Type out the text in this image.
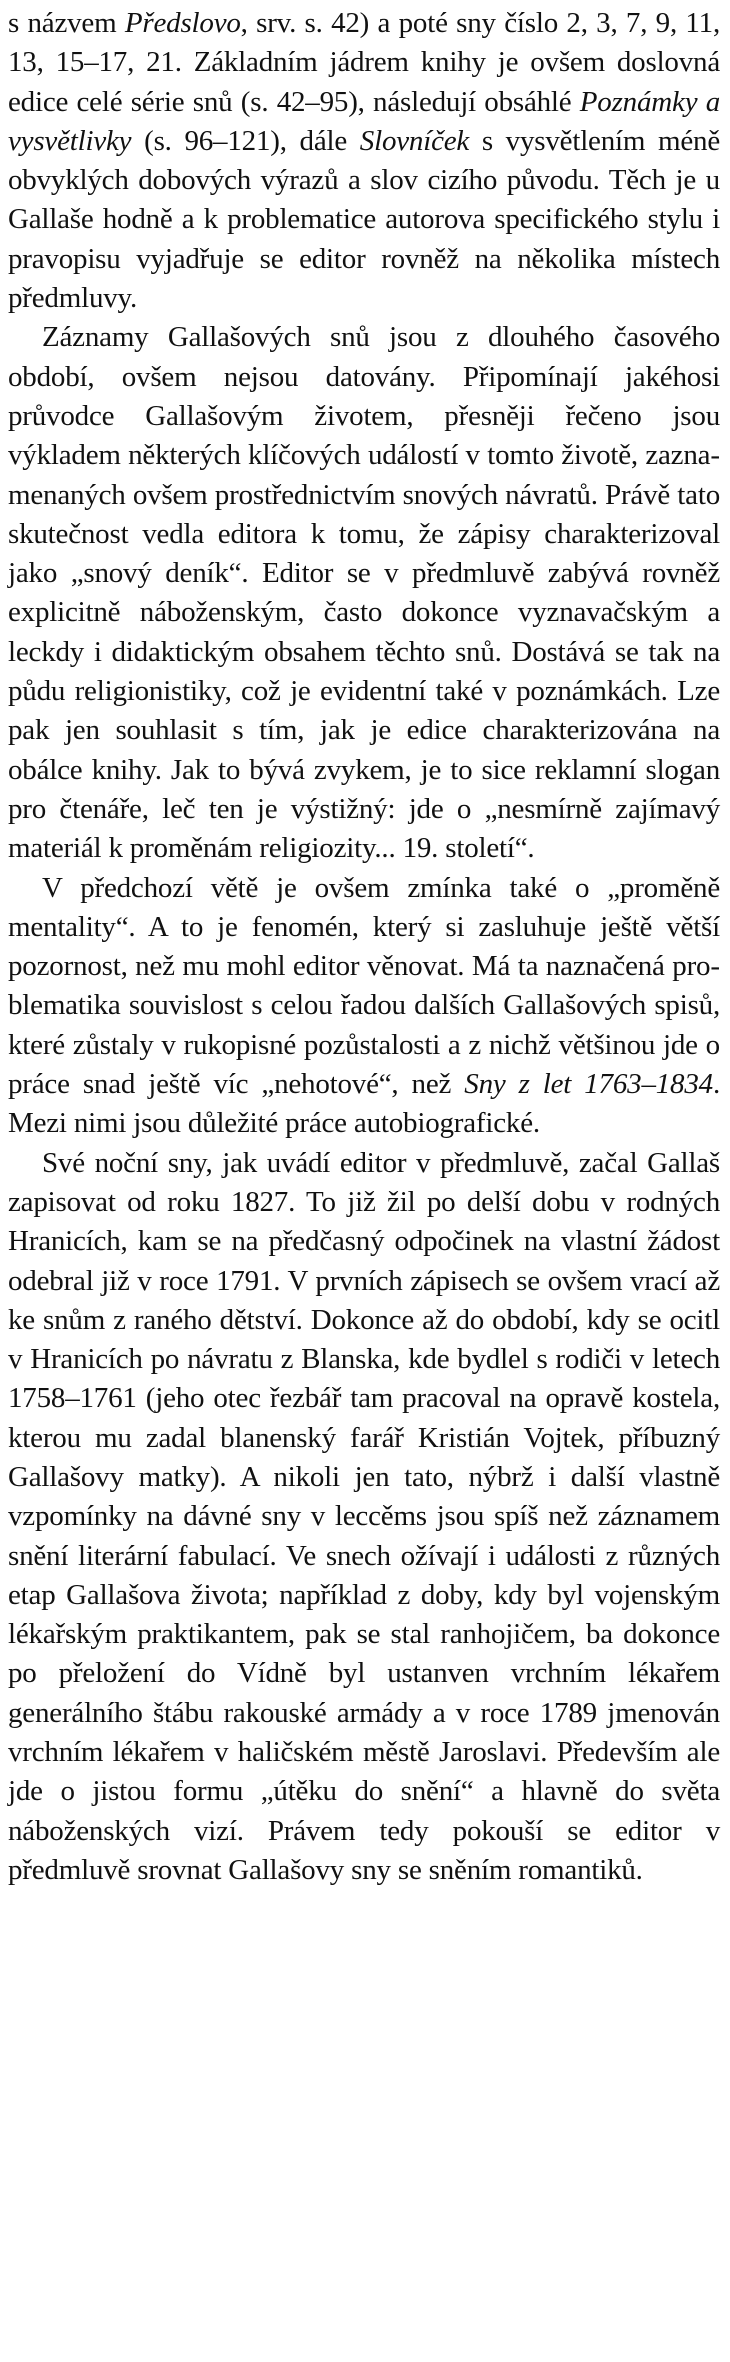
s názvem Předslovo, srv. s. 42) a poté sny číslo 2, 3, 7, 9, 11, 13, 15–17, 21. Základním jádrem knihy je ovšem doslovná edice celé série snů (s. 42–95), následují obsáhlé Poznámky a vysvětlivky (s. 96–121), dále Slovníček s vysvětlením méně obvyklých dobových výrazů a slov cizího původu. Těch je u Gallaše hodně a k problematice autorova specifického stylu i pravopisu vyjadřuje se editor rovněž na několika místech předmluvy.

Záznamy Gallašových snů jsou z dlouhého časového období, ovšem nejsou datovány. Připomínají jakéhosi průvodce Gallašovým životem, přesněji řečeno jsou výkladem některých klíčových událostí v tomto životě, zaznamenaných ovšem prostřednictvím snových návratů. Právě tato skutečnost vedla editora k tomu, že zápisy charakterizoval jako „snový deník“. Editor se v předmluvě zabývá rovněž explicitně náboženským, často dokonce vyznavačským a leckdy i didaktickým obsahem těchto snů. Dostává se tak na půdu religionistiky, což je evidentní také v poznámkách. Lze pak jen souhlasit s tím, jak je edice charakterizována na obálce knihy. Jak to bývá zvykem, je to sice reklamní slogan pro čtenáře, leč ten je výstižný: jde o „nesmírně zajímavý materiál k proměnám religiozity... 19. století“.

V předchozí větě je ovšem zmínka také o „proměně mentality“. A to je fenomén, který si zasluhuje ještě větší pozornost, než mu mohl editor věnovat. Má ta naznačená problematika souvislost s celou řadou dalších Gallašových spisů, které zůstaly v rukopisné pozůstalosti a z nichž většinou jde o práce snad ještě víc „nehotové“, než Sny z let 1763–1834. Mezi nimi jsou důležité práce autobiografické.

Své noční sny, jak uvádí editor v předmluvě, začal Gallaš zapisovat od roku 1827. To již žil po delší dobu v rodných Hranicích, kam se na předčasný odpočinek na vlastní žádost odebral již v roce 1791. V prvních zápisech se ovšem vrací až ke snům z raného dětství. Dokonce až do období, kdy se ocitl v Hranicích po návratu z Blanska, kde bydlel s rodiči v letech 1758–1761 (jeho otec řezbář tam pracoval na opravě kostela, kterou mu zadal blanenský farář Kristián Vojtek, příbuzný Gallašovy matky). A nikoli jen tato, nýbrž i další vlastně vzpomínky na dávné sny v leccěms jsou spíš než záznamem snění literární fabulací. Ve snech ožívají i události z různých etap Gallašova života; například z doby, kdy byl vojenským lékařským praktikantem, pak se stal ranhojičem, ba dokonce po přeložení do Vídně byl ustanven vrchním lékařem generálního štábu rakouské armády a v roce 1789 jmenován vrchním lékařem v haličském městě Jaroslavi. Především ale jde o jistou formu „útěku do snění“ a hlavně do světa náboženských vizí. Právem tedy pokouší se editor v předmluvě srovnat Gallašovy sny se sněním romantiků.
